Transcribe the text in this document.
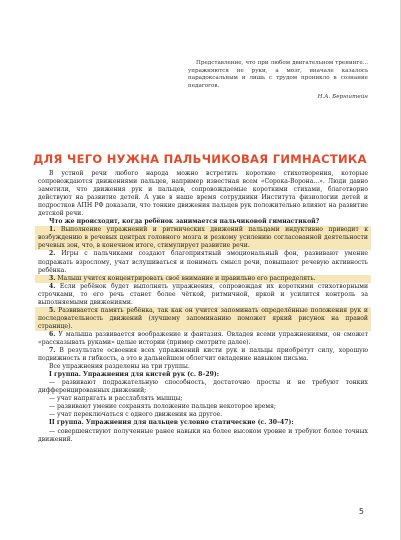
Представление, что при любом двигательном тренинге... упражняются не руки, а мозг, вначале казалось парадоксальным и лишь с трудом проникло в сознание педагогов.

Н.А. Бернштейн

ДЛЯ ЧЕГО НУЖНА ПАЛЬЧИКОВАЯ ГИМНАСТИКА

В устной речи любого народа можно встретить короткие стихотворения, которые сопровождаются движениями пальцев, например известная всем «Сорока-Ворона...». Люди давно заметили, что движения рук и пальцев, сопровождаемые короткими стихами, благотворно действуют на развитие детей. А уже в наше время сотрудники Института физиологии детей и подростков АПН РФ доказали, что тонкие движения пальцев рук положительно влияют на развитие детской речи.

Что же происходит, когда ребёнок занимается пальчиковой гимнастикой?

1. Выполнение упражнений и ритмических движений пальцами индуктивно приводит к возбуждению в речевых центрах головного мозга и резкому усилению согласованной деятельности речевых зон, что, в конечном итоге, стимулирует развитие речи.

2. Игры с пальчиками создают благоприятный эмоциональный фон, развивают умение подражать взрослому, учат вслушиваться и понимать смысл речи, повышают речевую активность ребёнка.

3. Малыш учится концентрировать своё внимание и правильно его распределять.

4. Если ребёнок будет выполнять упражнения, сопровождая их короткими стихотворными строчками, то его речь станет более чёткой, ритмичной, яркой и усилится контроль за выполняемыми движениями.

5. Развивается память ребёнка, так как он учится запоминать определённые положения рук и последовательность движений (лучшему запоминанию поможет яркий рисунок на правой странице).

6. У малыша развивается воображение и фантазия. Овладев всеми упражнениями, он сможет «рассказывать руками» целые истории (пример смотрите далее).

7. В результате освоения всех упражнений кисти рук и пальцы приобретут силу, хорошую подвижность и гибкость, а это в дальнейшем облегчит овладение навыком письма.

Все упражнения разделены на три группы.

I группа. Упражнения для кистей рук (с. 8–29):

— развивают подражательную способность, достаточно просты и не требуют тонких дифференцированных движений;

— учат напрягать и расслаблять мышцы;

— развивают умение сохранять положение пальцев некоторое время;

— учат переключаться с одного движения на другое.

II группа. Упражнения для пальцев условно статические (с. 30–47):

— совершенствуют полученные ранее навыки на более высоком уровне и требуют более точных движений.

5
